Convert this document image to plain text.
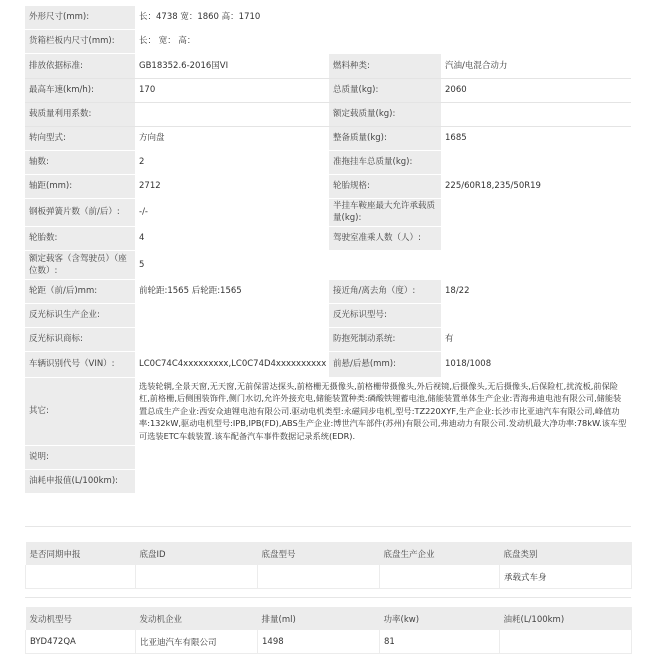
外形尺寸(mm):	长：4738 宽：1860 高：1710		
货箱栏板内尺寸(mm):	长： 宽： 高：		
排放依据标准:	GB18352.6-2016国VI	燃料种类:	汽油/电混合动力
最高车速(km/h):	170	总质量(kg):	2060
载质量利用系数:		额定载质量(kg):	
转向型式:	方向盘	整备质量(kg):	1685
轴数:	2	准拖挂车总质量(kg):	
轴距(mm):	2712	轮胎规格:	225/60R18,235/50R19
钢板弹簧片数（前/后）:	-/-	半挂车鞍座最大允许承载质量(kg):	
轮胎数:	4	驾驶室准乘人数（人）:	
额定载客（含驾驶员）（座位数）:	5		
轮距（前/后)mm:	前轮距:1565 后轮距:1565	接近角/离去角（度）:	18/22
反光标识生产企业:		反光标识型号:	
反光标识商标:		防抱死制动系统:	有
车辆识别代号（VIN）:	LC0C74C4xxxxxxxxx,LC0C74D4xxxxxxxxxx	前悬/后悬(mm):	1018/1008
其它:	选装轮辋,全景天窗,无天窗,无前保雷达探头,前格栅无摄像头,前格栅带摄像头,外后视镜,后摄像头,无后摄像头,后保险杠,扰流板,前保险杠,前格栅,后侧围装饰件,侧门水切,允许外接充电,储能装置种类:磷酸铁锂蓄电池,储能装置单体生产企业:青海弗迪电池有限公司,储能装置总成生产企业:西安众迪锂电池有限公司.驱动电机类型:永磁同步电机,型号:TZ220XYF,生产企业:长沙市比亚迪汽车有限公司,峰值功率:132kW,驱动电机型号:IPB,IPB(FD),ABS生产企业:博世汽车部件(苏州)有限公司,弗迪动力有限公司.发动机最大净功率:78kW.该车型可选装ETC车载装置.该车配备汽车事件数据记录系统(EDR).		
说明:			
油耗申报值(L/100km):			
是否同期申报	底盘ID	底盘型号	底盘生产企业	底盘类别
				承载式车身
发动机型号	发动机企业	排量(ml)	功率(kw)	油耗(L/100km)
BYD472QA	比亚迪汽车有限公司	1498	81	
